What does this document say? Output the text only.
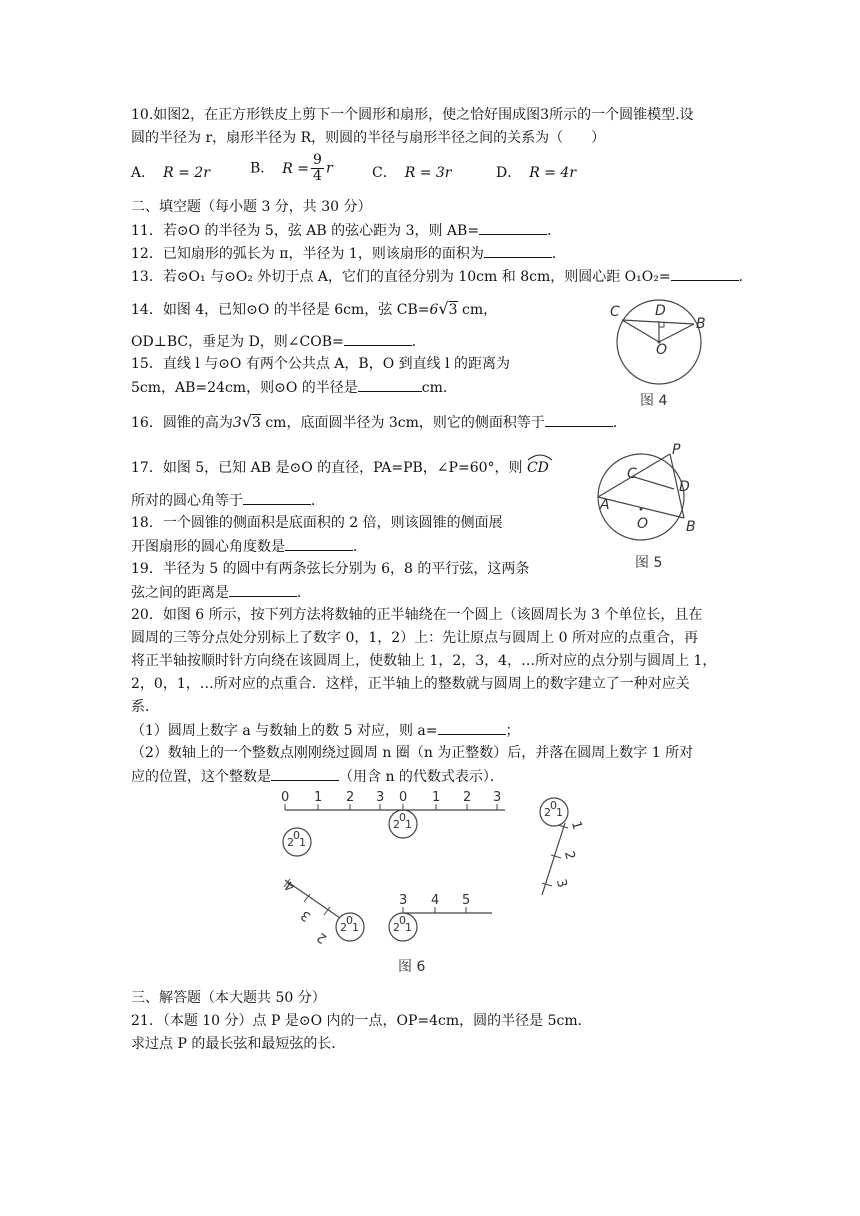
10.如图2，在正方形铁皮上剪下一个圆形和扇形，使之恰好围成图3所示的一个圆锥模型.设
圆的半径为 r，扇形半径为 R，则圆的半径与扇形半径之间的关系为（　　）
A． R = 2r	B． $R = \frac{9}{4}$ r	C． R = 3r	D． R = 4r
二、填空题（每小题 3 分，共 30 分）
11．若⊙O 的半径为 5，弦 AB 的弦心距为 3，则 AB=	．
12．已知扇形的弧长为 π，半径为 1，则该扇形的面积为	．
13．若⊙O₁ 与⊙O₂ 外切于点 A，它们的直径分别为 10cm 和 8cm，则圆心距 O₁O₂=	．
14．如图 4，已知⊙O 的半径是 6cm，弦 CB=6√3 cm，
OD⊥BC，垂足为 D，则∠COB=	．
15．直线 l 与⊙O 有两个公共点 A，B，O 到直线 l 的距离为
5cm，AB=24cm，则⊙O 的半径是	cm．
16．圆锥的高为3√3 cm，底面圆半径为 3cm，则它的侧面积等于	．
17．如图 5，已知 AB 是⊙O 的直径，PA=PB，∠P=60°，则 CD
所对的圆心角等于	．
18．一个圆锥的侧面积是底面积的 2 倍，则该圆锥的侧面展
开图扇形的圆心角度数是	．
19．半径为 5 的圆中有两条弦长分别为 6，8 的平行弦，这两条
弦之间的距离是	．
20．如图 6 所示，按下列方法将数轴的正半轴绕在一个圆上（该圆周长为 3 个单位长，且在
圆周的三等分点处分别标上了数字 0，1，2）上：先让原点与圆周上 0 所对应的点重合，再
将正半轴按顺时针方向绕在该圆周上，使数轴上 1，2，3，4，…所对应的点分别与圆周上 1，
2，0，1，…所对应的点重合．这样，正半轴上的整数就与圆周上的数字建立了一种对应关
系．
（1）圆周上数字 a 与数轴上的数 5 对应，则 a=	；
（2）数轴上的一个整数点刚刚绕过圆周 n 圈（n 为正整数）后，并落在圆周上数字 1 所对
应的位置，这个整数是	（用含 n 的代数式表示）．
三、解答题（本大题共 50 分）
21．（本题 10 分）点 P 是⊙O 内的一点，OP=4cm，圆的半径是 5cm．
求过点 P 的最长弦和最短弦的长．
C	D
B
O
图 4
P
C
D
A
O	B
图 5
0 1 2 3 0 1 2 3
0
2 1
0
2 1
0
2 1
0
2 1
0
2 1
1
2
3
4
3
2
3 4 5
图 6
